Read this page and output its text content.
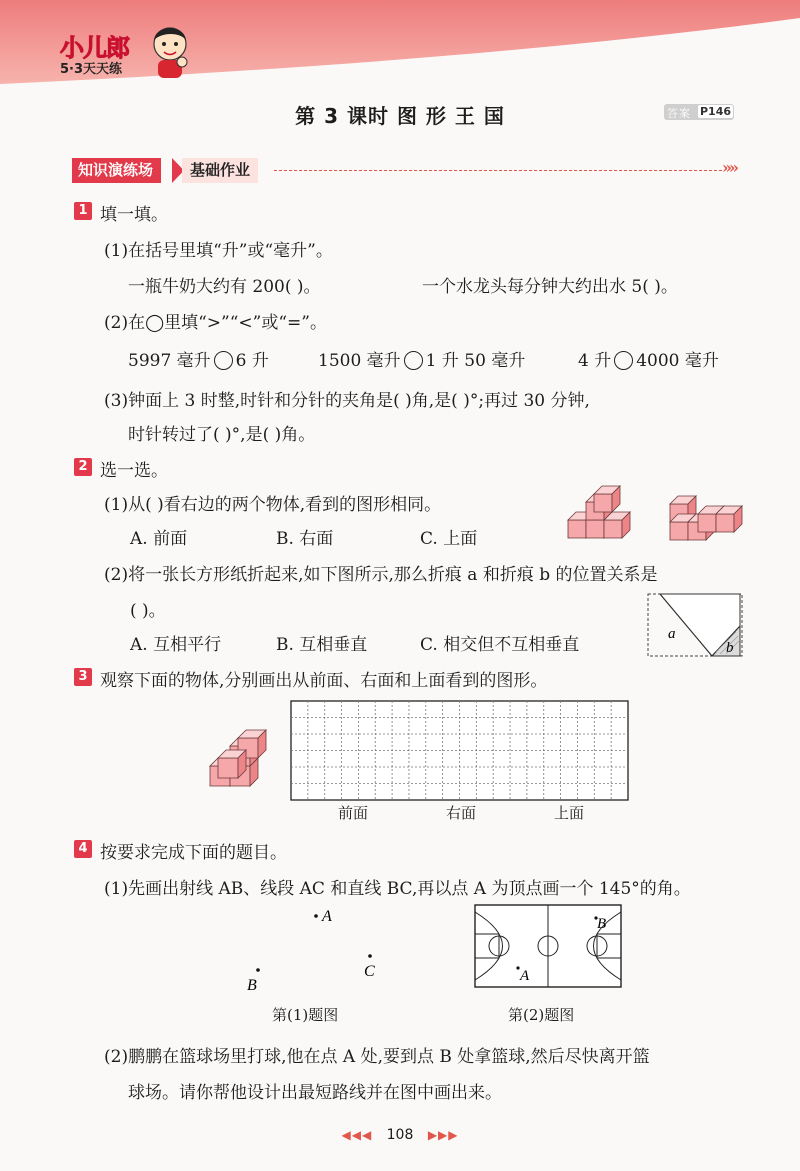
小儿郎
5·3天天练
第 3 课时 图 形 王 国	答案 P146
知识演练场	基础作业	»»
1 填一填。
(1)在括号里填“升”或“毫升”。
一瓶牛奶大约有 200( )。	一个水龙头每分钟大约出水 5( )。
(2)在◯里填“>”“<”或“=”。
5997 毫升 6 升	1500 毫升 1 升 50 毫升	4 升 4000 毫升
(3)钟面上 3 时整,时针和分针的夹角是( )角,是( )°;再过 30 分钟,
时针转过了( )°,是( )角。
2 选一选。
(1)从( )看右边的两个物体,看到的图形相同。
A. 前面	B. 右面	C. 上面
(2)将一张长方形纸折起来,如下图所示,那么折痕 a 和折痕 b 的位置关系是
( )。
A. 互相平行	B. 互相垂直	C. 相交但不互相垂直
a
b
3 观察下面的物体,分别画出从前面、右面和上面看到的图形。
前面	右面	上面
4 按要求完成下面的题目。
(1)先画出射线 AB、线段 AC 和直线 BC,再以点 A 为顶点画一个 145°的角。
A
B
C	A
B
第(1)题图	第(2)题图
(2)鹏鹏在篮球场里打球,他在点 A 处,要到点 B 处拿篮球,然后尽快离开篮
球场。请你帮他设计出最短路线并在图中画出来。
◀◀◀ 108 ▶▶▶
